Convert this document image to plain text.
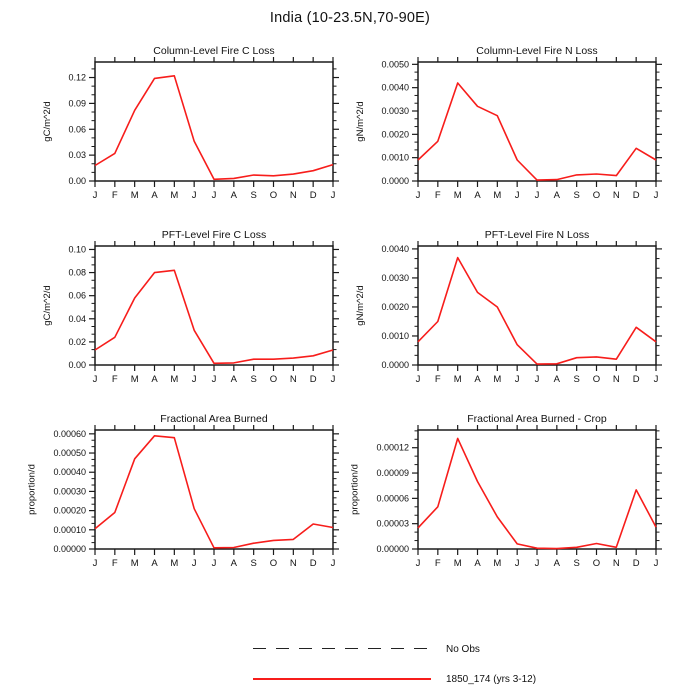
India (10-23.5N,70-90E)
Column-Level Fire C Loss
J F M A M J J A S O N D J
0.00
0.03
0.06
0.09
0.12
gC/m^2/d
Column-Level Fire N Loss
J F M A M J J A S O N D J
0.0000
0.0010
0.0020
0.0030
0.0040
0.0050
gN/m^2/d
PFT-Level Fire C Loss
J F M A M J J A S O N D J
0.00
0.02
0.04
0.06
0.08
0.10
gC/m^2/d
PFT-Level Fire N Loss
J F M A M J J A S O N D J
0.0000
0.0010
0.0020
0.0030
0.0040
gN/m^2/d
Fractional Area Burned
J F M A M J J A S O N D J
0.00000
0.00010
0.00020
0.00030
0.00040
0.00050
0.00060
proportion/d
Fractional Area Burned - Crop
J F M A M J J A S O N D J
0.00000
0.00003
0.00006
0.00009
0.00012
proportion/d
No Obs
1850_174 (yrs 3-12)
